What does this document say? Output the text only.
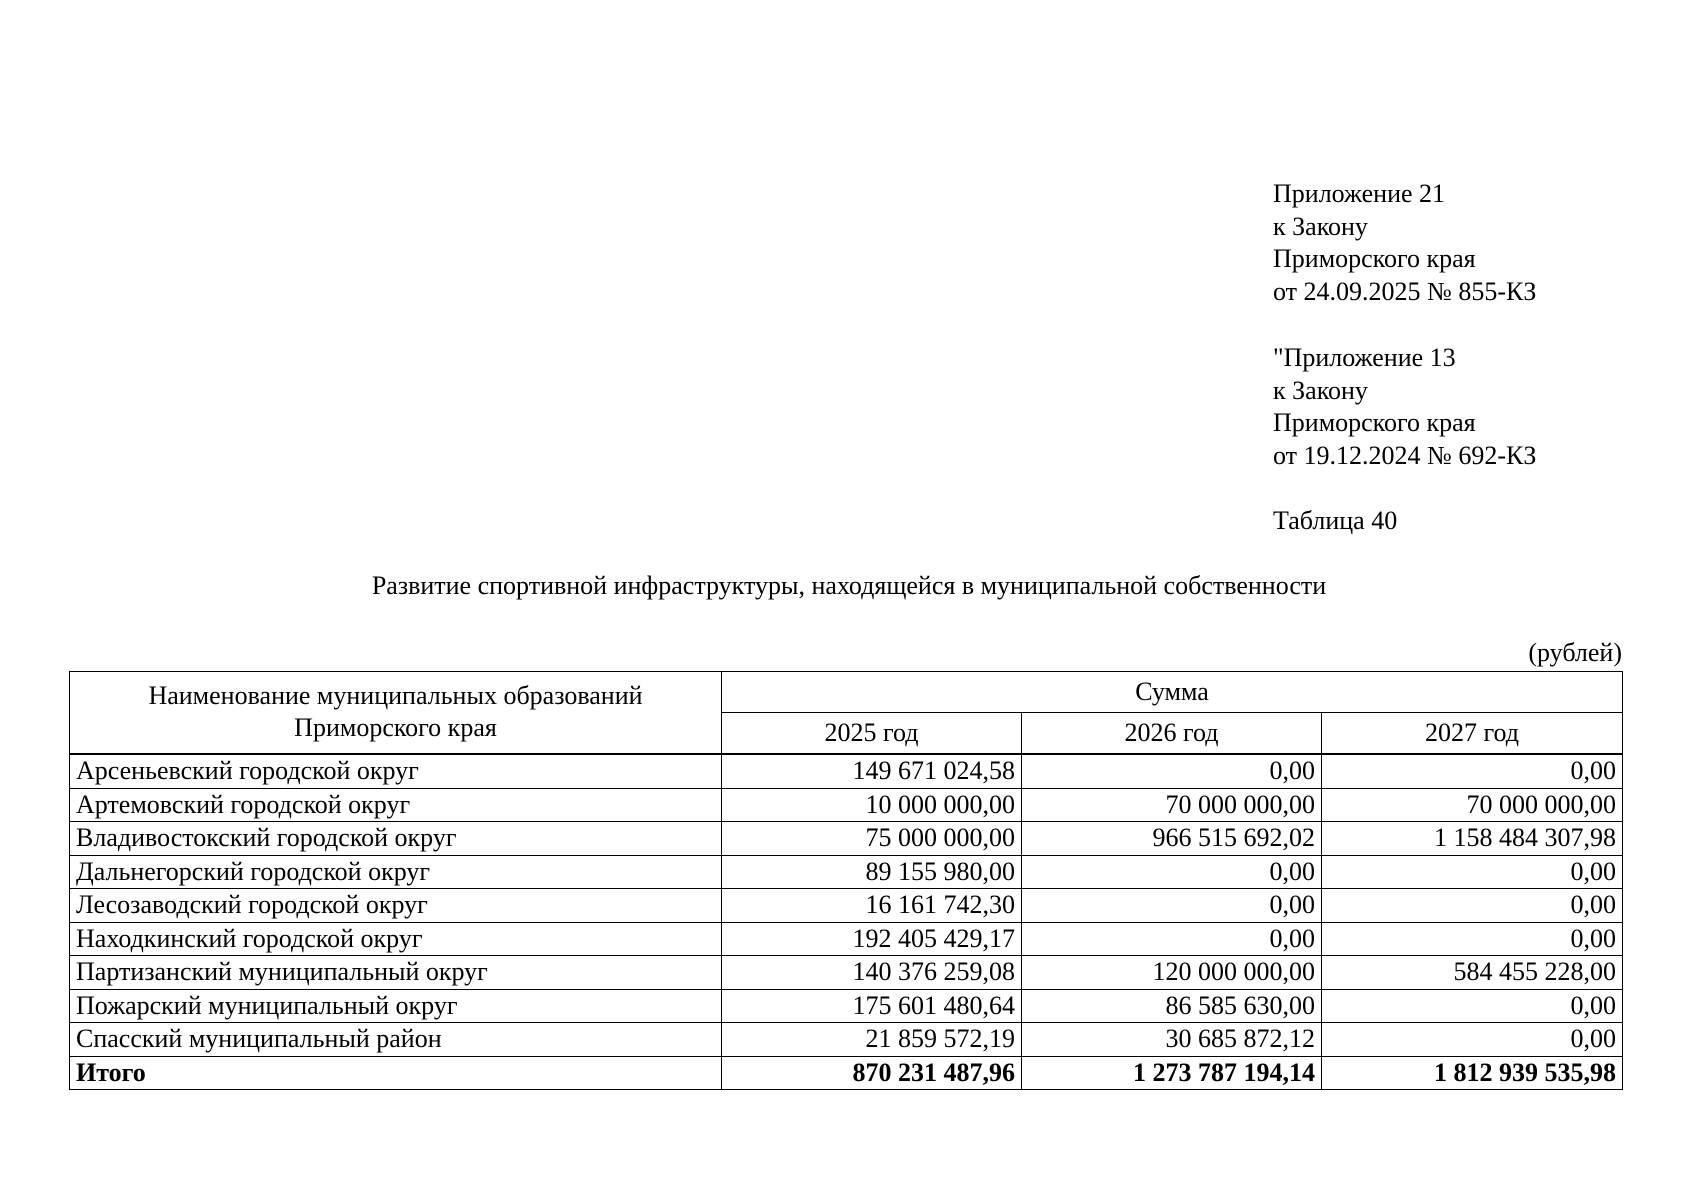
Приложение 21

к Закону

Приморского края

от 24.09.2025 № 855-КЗ

"Приложение 13

к Закону

Приморского края

от 19.12.2024 № 692-КЗ

Таблица 40
Развитие спортивной инфраструктуры, находящейся в муниципальной собственности
(рублей)
Наименование муниципальных образований
Приморского края	Сумма		
	2025 год	2026 год	2027 год

Арсеньевский городской округ	149 671 024,58	0,00	0,00
Артемовский городской округ	10 000 000,00	70 000 000,00	70 000 000,00
Владивостокский городской округ	75 000 000,00	966 515 692,02	1 158 484 307,98
Дальнегорский городской округ	89 155 980,00	0,00	0,00
Лесозаводский городской округ	16 161 742,30	0,00	0,00
Находкинский городской округ	192 405 429,17	0,00	0,00
Партизанский муниципальный округ	140 376 259,08	120 000 000,00	584 455 228,00
Пожарский муниципальный округ	175 601 480,64	86 585 630,00	0,00
Спасский муниципальный район	21 859 572,19	30 685 872,12	0,00
Итого	870 231 487,96	1 273 787 194,14	1 812 939 535,98
